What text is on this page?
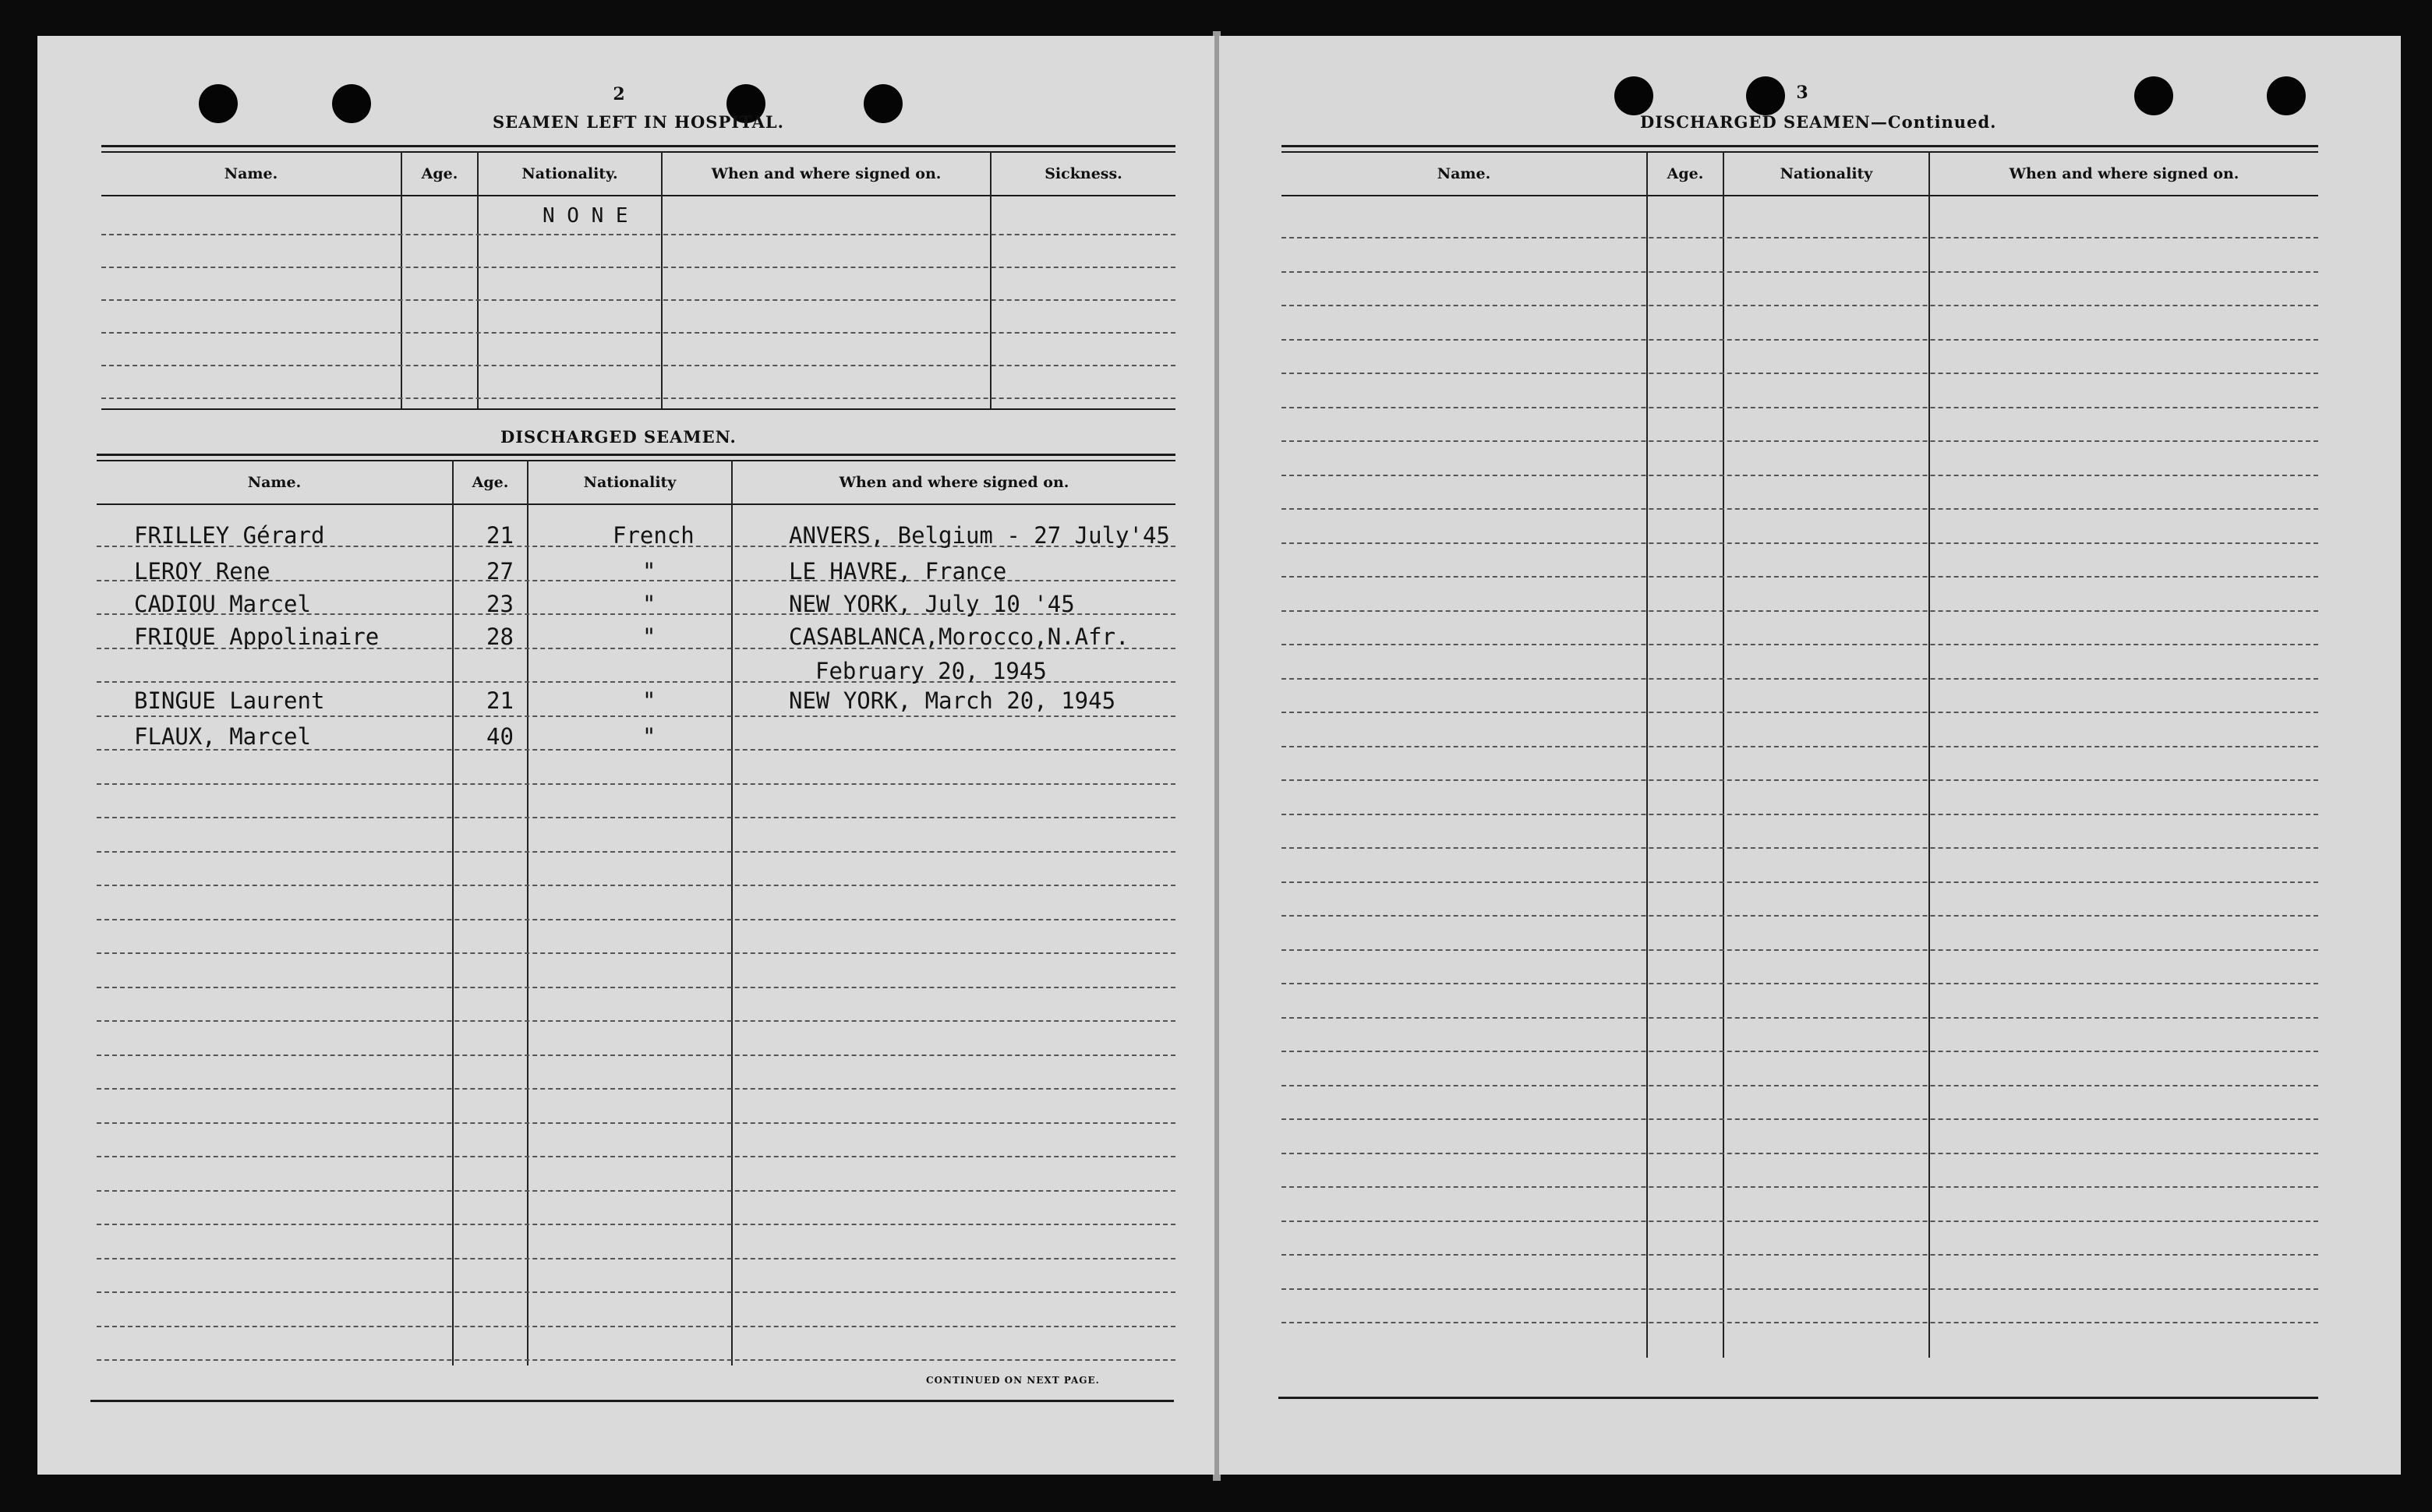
2
SEAMEN LEFT IN HOSPITAL.
Name.	Age.	Nationality.	When and where signed on.	Sickness.
N O N E
DISCHARGED SEAMEN.
Name.	Age.	Nationality	When and where signed on.
FRILLEY Gérard	21	French	ANVERS, Belgium - 27 July'45
LEROY Rene	27	"	LE HAVRE, France
CADIOU Marcel	23	"	NEW YORK, July 10 '45
FRIQUE Appolinaire	28	"	CASABLANCA,Morocco,N.Afr.
February 20, 1945
BINGUE Laurent	21	"	NEW YORK, March 20, 1945
FLAUX, Marcel	40	"
CONTINUED ON NEXT PAGE.
3
DISCHARGED SEAMEN—Continued.
Name.	Age.	Nationality	When and where signed on.
